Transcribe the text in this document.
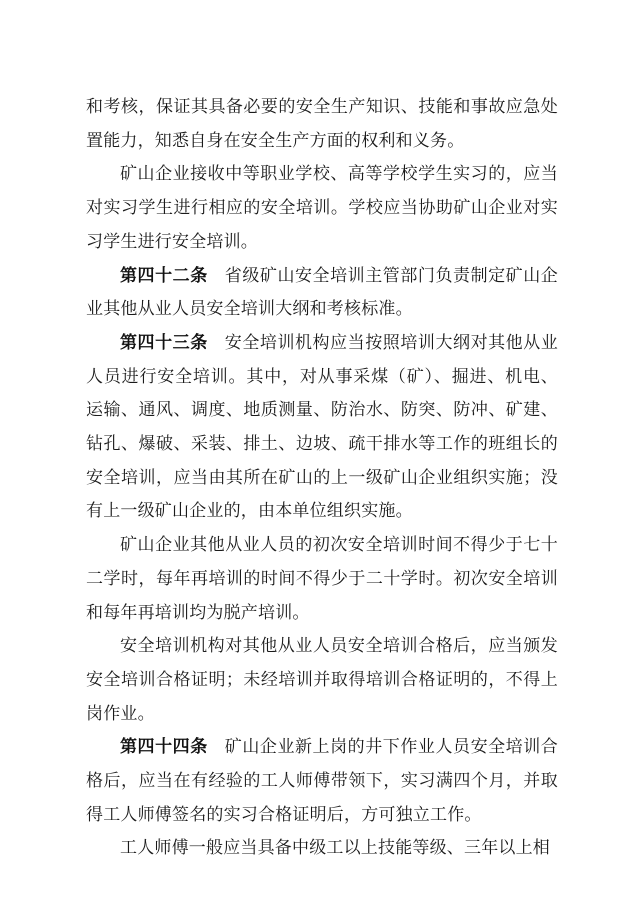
和考核，保证其具备必要的安全生产知识、技能和事故应急处置能力，知悉自身在安全生产方面的权利和义务。

矿山企业接收中等职业学校、高等学校学生实习的，应当对实习学生进行相应的安全培训。学校应当协助矿山企业对实习学生进行安全培训。

第四十二条 省级矿山安全培训主管部门负责制定矿山企业其他从业人员安全培训大纲和考核标准。

第四十三条 安全培训机构应当按照培训大纲对其他从业人员进行安全培训。其中，对从事采煤（矿）、掘进、机电、运输、通风、调度、地质测量、防治水、防突、防冲、矿建、钻孔、爆破、采装、排土、边坡、疏干排水等工作的班组长的安全培训，应当由其所在矿山的上一级矿山企业组织实施；没有上一级矿山企业的，由本单位组织实施。

矿山企业其他从业人员的初次安全培训时间不得少于七十二学时，每年再培训的时间不得少于二十学时。初次安全培训和每年再培训均为脱产培训。

安全培训机构对其他从业人员安全培训合格后，应当颁发安全培训合格证明；未经培训并取得培训合格证明的，不得上岗作业。

第四十四条 矿山企业新上岗的井下作业人员安全培训合格后，应当在有经验的工人师傅带领下，实习满四个月，并取得工人师傅签名的实习合格证明后，方可独立工作。

工人师傅一般应当具备中级工以上技能等级、三年以上相
